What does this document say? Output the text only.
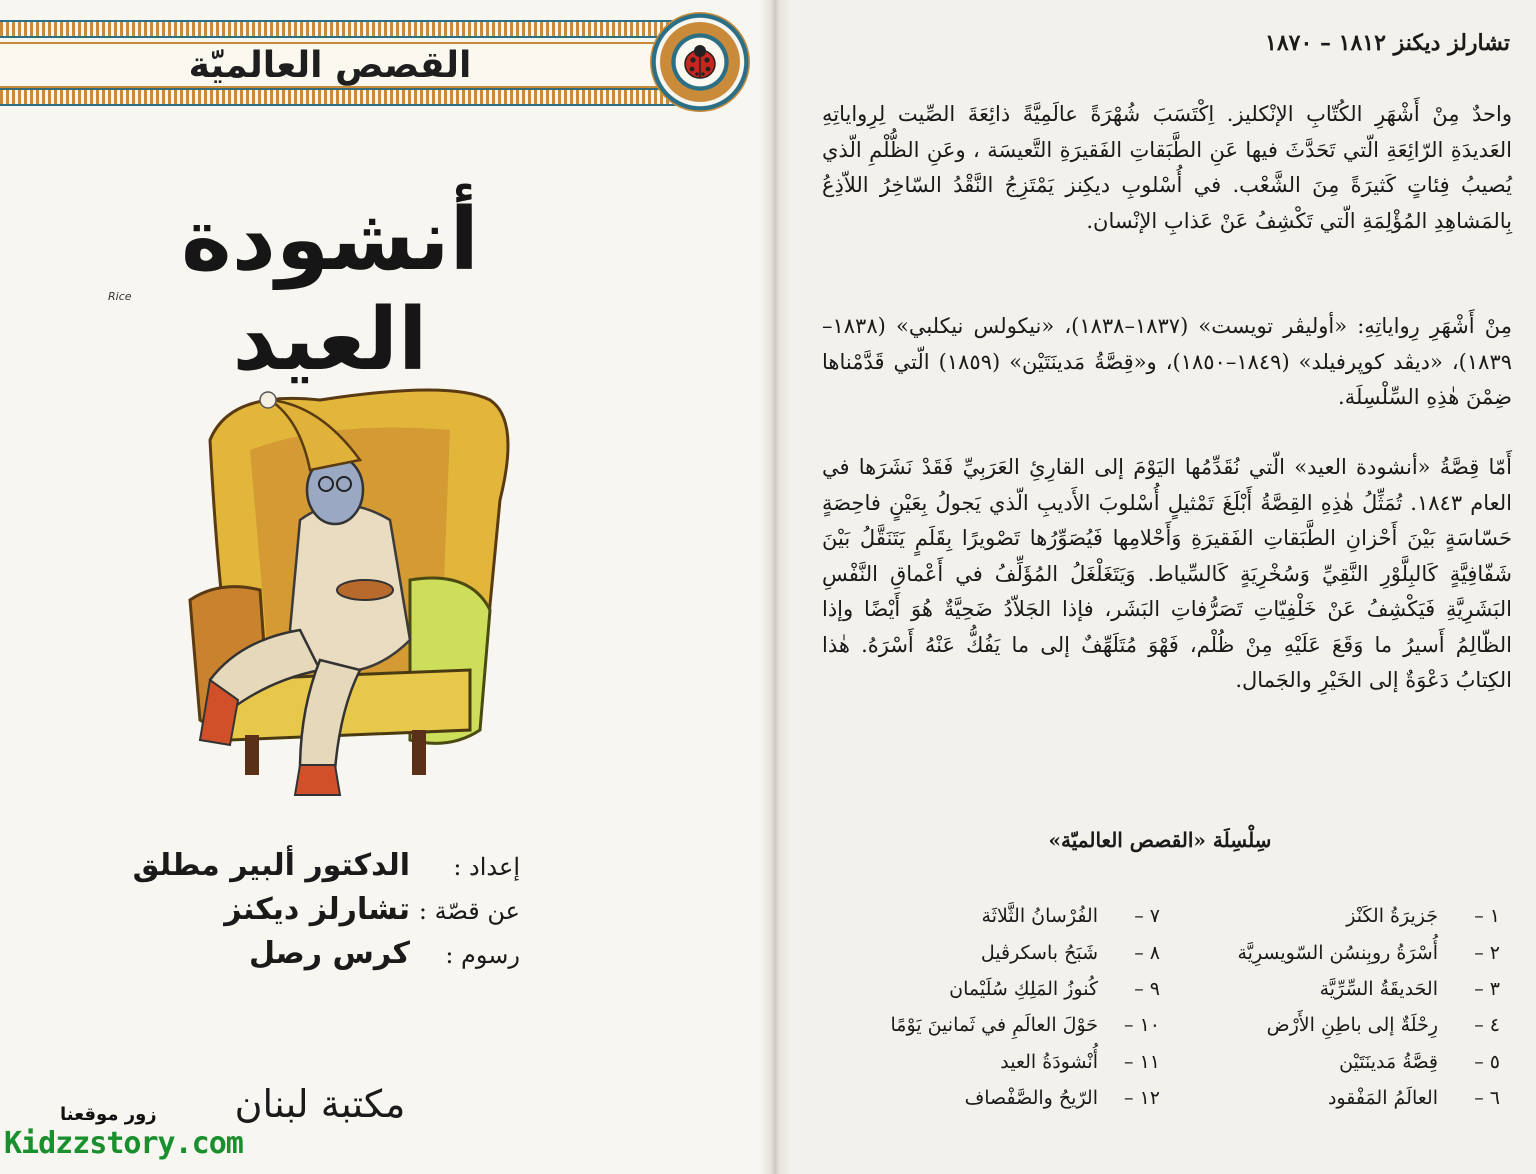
القصص العالميّة
أنشودة العيد
Rice
إعداد :
الدكتور ألبير مطلق
عن قصّة :
تشارلز ديكنز
رسوم :
كرس رصل
مكتبة لبنان
زور موقعنا
Kidzzstory.com
تشارلز ديكنز ١٨١٢ – ١٨٧٠
واحدٌ مِنْ أَشْهَرِ الكُتّابِ الإنْكليز. اِكْتَسَبَ شُهْرَةً عالَمِيَّةً ذائِعَةَ الصِّيت لِرِواياتِهِ العَديدَةِ الرّائِعَةِ الّتي تَحَدَّثَ فيها عَنِ الطَّبَقاتِ الفَقيرَةِ التَّعيسَة ، وعَنِ الظُّلْمِ الّذي يُصيبُ فِئاتٍ كَثيرَةً مِنَ الشَّعْب. في أُسْلوبِ ديكِنز يَمْتَزِجُ النَّقْدُ السّاخِرُ اللاّذِعُ بِالمَشاهِدِ المُؤْلِمَةِ الّتي تَكْشِفُ عَنْ عَذابِ الإنْسان.
مِنْ أَشْهَرِ رِواياتِهِ: «أوليڤر تويست» (١٨٣٧–١٨٣٨)، «نيكولس نيكلبي» (١٨٣٨–١٨٣٩)، «ديڤد كوپرفيلد» (١٨٤٩–١٨٥٠)، و«قِصَّةُ مَدينَتَيْن» (١٨٥٩) الّتي قَدَّمْناها ضِمْنَ هٰذِهِ السِّلْسِلَة.
أَمّا قِصَّةُ «أنشودة العيد» الّتي نُقَدِّمُها اليَوْمَ إلى القارِئِ العَرَبِيِّ فَقَدْ نَشَرَها في العام ١٨٤٣. تُمَثِّلُ هٰذِهِ القِصَّةُ أَبْلَغَ تَمْثيلٍ أُسْلوبَ الأَديبِ الّذي يَجولُ بِعَيْنٍ فاحِصَةٍ حَسّاسَةٍ بَيْنَ أَحْزانِ الطَّبَقاتِ الفَقيرَةِ وَأَحْلامِها فَيُصَوِّرُها تَصْويرًا بِقَلَمٍ يَتَنَقَّلُ بَيْنَ شَفّافِيَّةٍ كَالبِلَّوْرِ النَّقِيِّ وَسُخْرِيَةٍ كَالسِّياط. وَيَتَغَلْغَلُ المُؤَلِّفُ في أَعْماقِ النَّفْسِ البَشَرِيَّةِ فَيَكْشِفُ عَنْ خَلْفِيّاتِ تَصَرُّفاتِ البَشَر، فإذا الجَلاّدُ ضَحِيَّةٌ هُوَ أَيْضًا وإذا الظّالِمُ أَسيرُ ما وَقَعَ عَلَيْهِ مِنْ ظُلْم، فَهْوَ مُتَلَهِّفٌ إلى ما يَفُكُّ عَنْهُ أَسْرَهُ. هٰذا الكِتابُ دَعْوَةٌ إلى الخَيْرِ والجَمال.
سِلْسِلَة «القصص العالميّة»
١ –
جَزيرَةُ الكَنْز
٢ –
أُسْرَةُ روبِنسُن السّويسرِيَّة
٣ –
الحَديقَةُ السِّرِّيَّة
٤ –
رِحْلَةٌ إلى باطِنِ الأَرْض
٥ –
قِصَّةُ مَدينَتَيْن
٦ –
العالَمُ المَفْقود
٧ –
الفُرْسانُ الثَّلاثَة
٨ –
شَبَحُ باسكرڤيل
٩ –
كُنوزُ المَلِكِ سُلَيْمان
١٠ –
حَوْلَ العالَمِ في ثَمانينَ يَوْمًا
١١ –
أُنْشودَةُ العيد
١٢ –
الرّيحُ والصَّفْصاف
